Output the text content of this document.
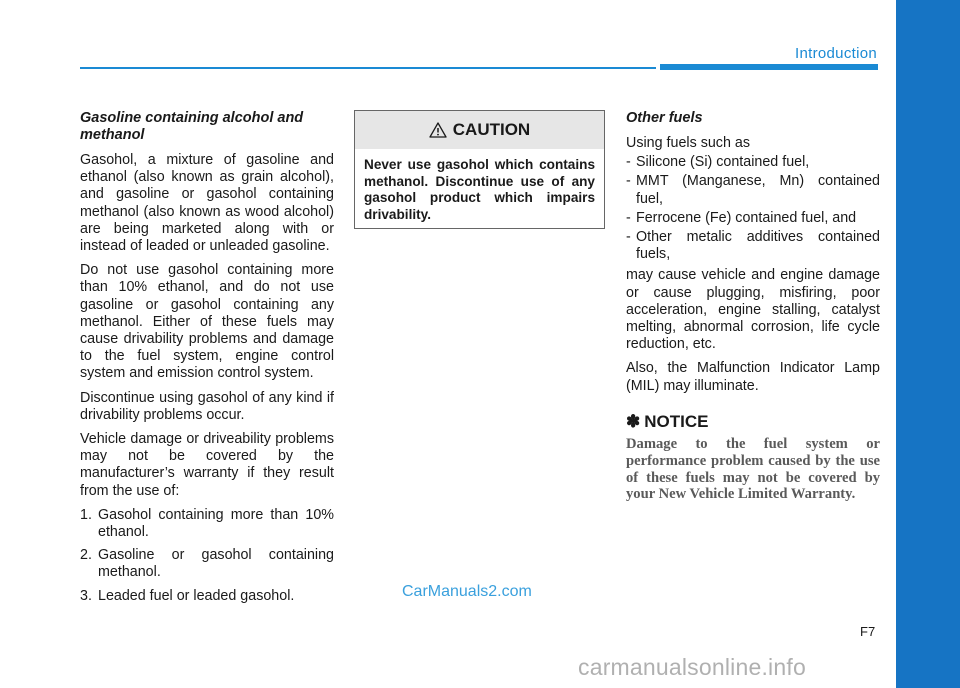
Introduction
Gasoline containing alcohol and methanol

Gasohol, a mixture of gasoline and ethanol (also known as grain alcohol), and gasoline or gasohol containing methanol (also known as wood alcohol) are being marketed along with or instead of leaded or unleaded gasoline.

Do not use gasohol containing more than 10% ethanol, and do not use gasoline or gasohol containing any methanol. Either of these fuels may cause drivability problems and damage to the fuel system, engine control system and emission control system.

Discontinue using gasohol of any kind if drivability problems occur.

Vehicle damage or driveability problems may not be covered by the manufacturer’s warranty if they result from the use of:

1. Gasohol containing more than 10% ethanol.
2. Gasoline or gasohol containing methanol.
3. Leaded fuel or leaded gasohol.
CAUTION
Never use gasohol which contains methanol. Discontinue use of any gasohol product which impairs drivability.
Other fuels

Using fuels such as

- Silicone (Si) contained fuel,
- MMT (Manganese, Mn) contained fuel,
- Ferrocene (Fe) contained fuel, and
- Other metalic additives contained fuels,

may cause vehicle and engine damage or cause plugging, misfiring, poor acceleration, engine stalling, catalyst melting, abnormal corrosion, life cycle reduction, etc.

Also, the Malfunction Indicator Lamp (MIL) may illuminate.

✽ NOTICE

Damage to the fuel system or performance problem caused by the use of these fuels may not be covered by your New Vehicle Limited Warranty.

F7
CarManuals2.com
carmanualsonline.info
